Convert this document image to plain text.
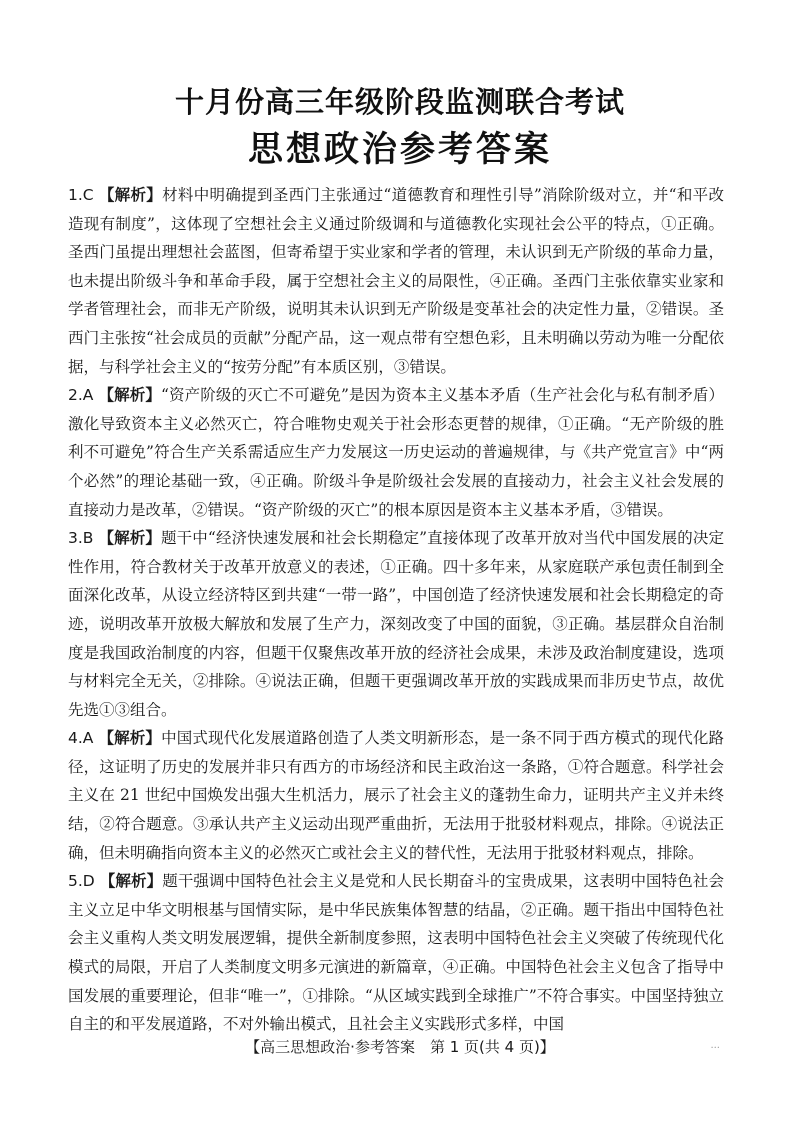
十月份高三年级阶段监测联合考试
思想政治参考答案

1.C 【解析】材料中明确提到圣西门主张通过“道德教育和理性引导”消除阶级对立，并“和平改造现有制度”，这体现了空想社会主义通过阶级调和与道德教化实现社会公平的特点，①正确。圣西门虽提出理想社会蓝图，但寄希望于实业家和学者的管理，未认识到无产阶级的革命力量，也未提出阶级斗争和革命手段，属于空想社会主义的局限性，④正确。圣西门主张依靠实业家和学者管理社会，而非无产阶级，说明其未认识到无产阶级是变革社会的决定性力量，②错误。圣西门主张按“社会成员的贡献”分配产品，这一观点带有空想色彩，且未明确以劳动为唯一分配依据，与科学社会主义的“按劳分配”有本质区别，③错误。

2.A 【解析】“资产阶级的灭亡不可避免”是因为资本主义基本矛盾（生产社会化与私有制矛盾）激化导致资本主义必然灭亡，符合唯物史观关于社会形态更替的规律，①正确。“无产阶级的胜利不可避免”符合生产关系需适应生产力发展这一历史运动的普遍规律，与《共产党宣言》中“两个必然”的理论基础一致，④正确。阶级斗争是阶级社会发展的直接动力，社会主义社会发展的直接动力是改革，②错误。“资产阶级的灭亡”的根本原因是资本主义基本矛盾，③错误。

3.B 【解析】题干中“经济快速发展和社会长期稳定”直接体现了改革开放对当代中国发展的决定性作用，符合教材关于改革开放意义的表述，①正确。四十多年来，从家庭联产承包责任制到全面深化改革，从设立经济特区到共建“一带一路”，中国创造了经济快速发展和社会长期稳定的奇迹，说明改革开放极大解放和发展了生产力，深刻改变了中国的面貌，③正确。基层群众自治制度是我国政治制度的内容，但题干仅聚焦改革开放的经济社会成果，未涉及政治制度建设，选项与材料完全无关，②排除。④说法正确，但题干更强调改革开放的实践成果而非历史节点，故优先选①③组合。

4.A 【解析】中国式现代化发展道路创造了人类文明新形态，是一条不同于西方模式的现代化路径，这证明了历史的发展并非只有西方的市场经济和民主政治这一条路，①符合题意。科学社会主义在 21 世纪中国焕发出强大生机活力，展示了社会主义的蓬勃生命力，证明共产主义并未终结，②符合题意。③承认共产主义运动出现严重曲折，无法用于批驳材料观点，排除。④说法正确，但未明确指向资本主义的必然灭亡或社会主义的替代性，无法用于批驳材料观点，排除。

5.D 【解析】题干强调中国特色社会主义是党和人民长期奋斗的宝贵成果，这表明中国特色社会主义立足中华文明根基与国情实际，是中华民族集体智慧的结晶，②正确。题干指出中国特色社会主义重构人类文明发展逻辑，提供全新制度参照，这表明中国特色社会主义突破了传统现代化模式的局限，开启了人类制度文明多元演进的新篇章，④正确。中国特色社会主义包含了指导中国发展的重要理论，但非“唯一”，①排除。“从区域实践到全球推广”不符合事实。中国坚持独立自主的和平发展道路，不对外输出模式，且社会主义实践形式多样，中国

【高三思想政治·参考答案　第 1 页(共 4 页)】	...
